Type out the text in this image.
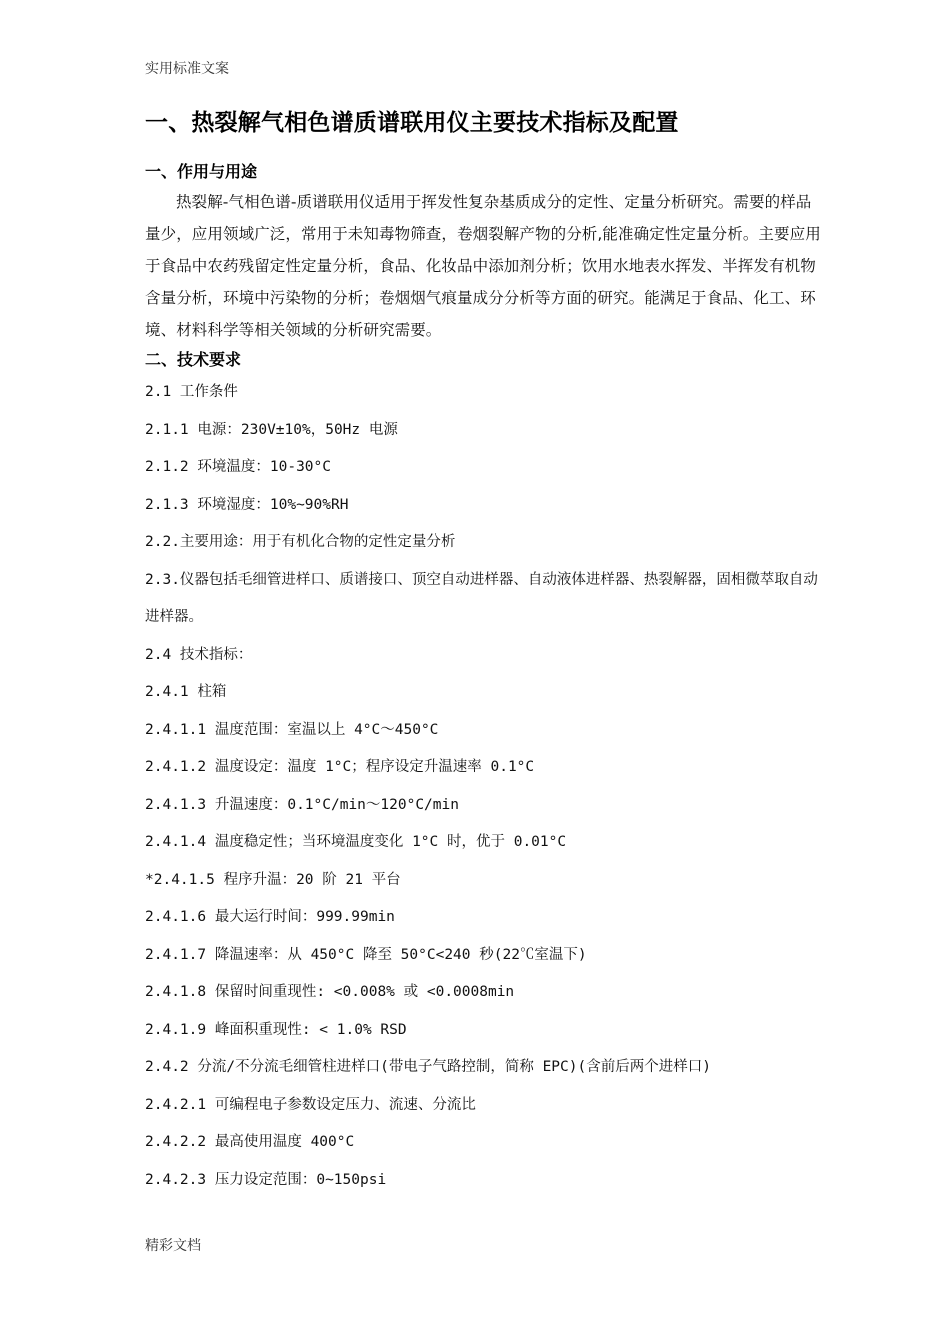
实用标准文案
一、热裂解气相色谱质谱联用仪主要技术指标及配置
一、作用与用途
热裂解-气相色谱-质谱联用仪适用于挥发性复杂基质成分的定性、定量分析研究。需要的样品量少，应用领域广泛，常用于未知毒物筛查，卷烟裂解产物的分析,能准确定性定量分析。主要应用于食品中农药残留定性定量分析，食品、化妆品中添加剂分析；饮用水地表水挥发、半挥发有机物含量分析，环境中污染物的分析；卷烟烟气痕量成分分析等方面的研究。能满足于食品、化工、环境、材料科学等相关领域的分析研究需要。
二、技术要求
2.1 工作条件
2.1.1 电源：230V±10%，50Hz 电源
2.1.2 环境温度：10-30°C
2.1.3 环境湿度：10%~90%RH
2.2.主要用途：用于有机化合物的定性定量分析
2.3.仪器包括毛细管进样口、质谱接口、顶空自动进样器、自动液体进样器、热裂解器，固相微萃取自动进样器。
2.4 技术指标：
2.4.1 柱箱
2.4.1.1 温度范围：室温以上 4°C～450°C
2.4.1.2 温度设定：温度 1°C；程序设定升温速率 0.1°C
2.4.1.3 升温速度：0.1°C/min～120°C/min
2.4.1.4 温度稳定性；当环境温度变化 1°C 时，优于 0.01°C
*2.4.1.5 程序升温：20 阶 21 平台
2.4.1.6 最大运行时间：999.99min
2.4.1.7 降温速率：从 450°C 降至 50°C<240 秒(22℃室温下)
2.4.1.8 保留时间重现性: <0.008% 或 <0.0008min
2.4.1.9 峰面积重现性: < 1.0% RSD
2.4.2 分流/不分流毛细管柱进样口(带电子气路控制，简称 EPC)(含前后两个进样口)
2.4.2.1 可编程电子参数设定压力、流速、分流比
2.4.2.2 最高使用温度 400°C
2.4.2.3 压力设定范围：0~150psi
精彩文档
